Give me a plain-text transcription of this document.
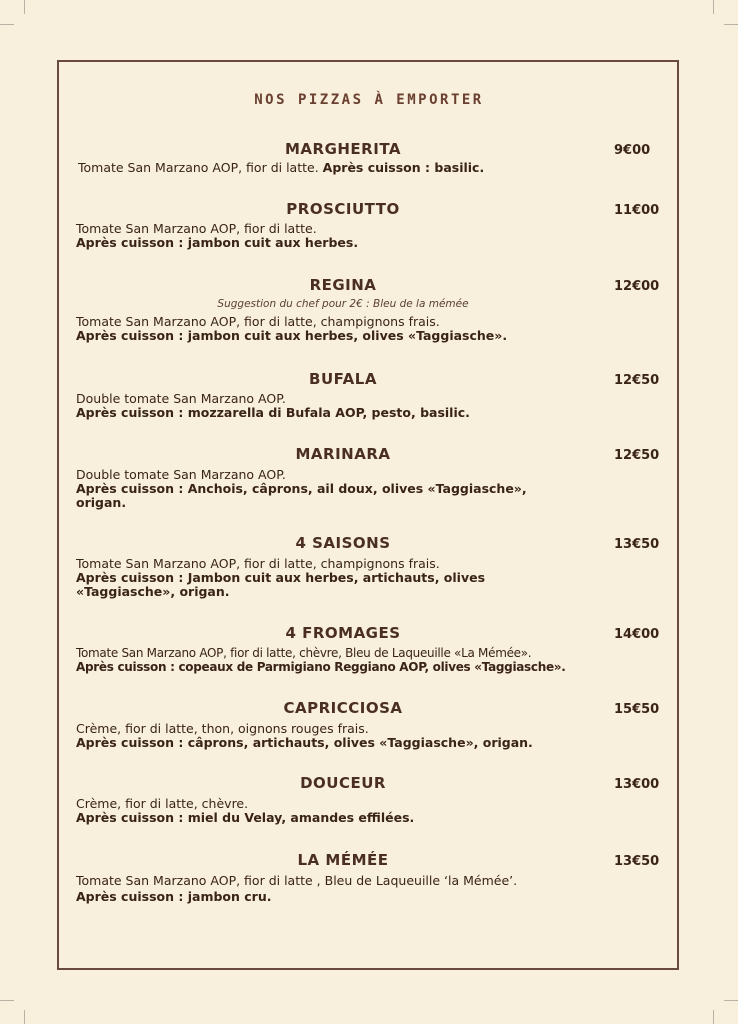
NOS PIZZAS À EMPORTER
MARGHERITA	9€00
Tomate San Marzano AOP, fior di latte. Après cuisson : basilic.
PROSCIUTTO	11€00
Tomate San Marzano AOP, fior di latte.
Après cuisson : jambon cuit aux herbes.
REGINA	12€00
Suggestion du chef pour 2€ : Bleu de la mémée
Tomate San Marzano AOP, fior di latte, champignons frais.
Après cuisson : jambon cuit aux herbes, olives «Taggiasche».
BUFALA	12€50
Double tomate San Marzano AOP.
Après cuisson : mozzarella di Bufala AOP, pesto, basilic.
MARINARA	12€50
Double tomate San Marzano AOP.
Après cuisson : Anchois, câprons, ail doux, olives «Taggiasche»,
origan.
4 SAISONS	13€50
Tomate San Marzano AOP, fior di latte, champignons frais.
Après cuisson : Jambon cuit aux herbes, artichauts, olives
«Taggiasche», origan.
4 FROMAGES	14€00
Tomate San Marzano AOP, fior di latte, chèvre, Bleu de Laqueuille «La Mémée».
Après cuisson : copeaux de Parmigiano Reggiano AOP, olives «Taggiasche».
CAPRICCIOSA	15€50
Crème, fior di latte, thon, oignons rouges frais.
Après cuisson : câprons, artichauts, olives «Taggiasche», origan.
DOUCEUR	13€00
Crème, fior di latte, chèvre.
Après cuisson : miel du Velay, amandes effilées.
LA MÉMÉE	13€50
Tomate San Marzano AOP, fior di latte , Bleu de Laqueuille ‘la Mémée’.
Après cuisson : jambon cru.
